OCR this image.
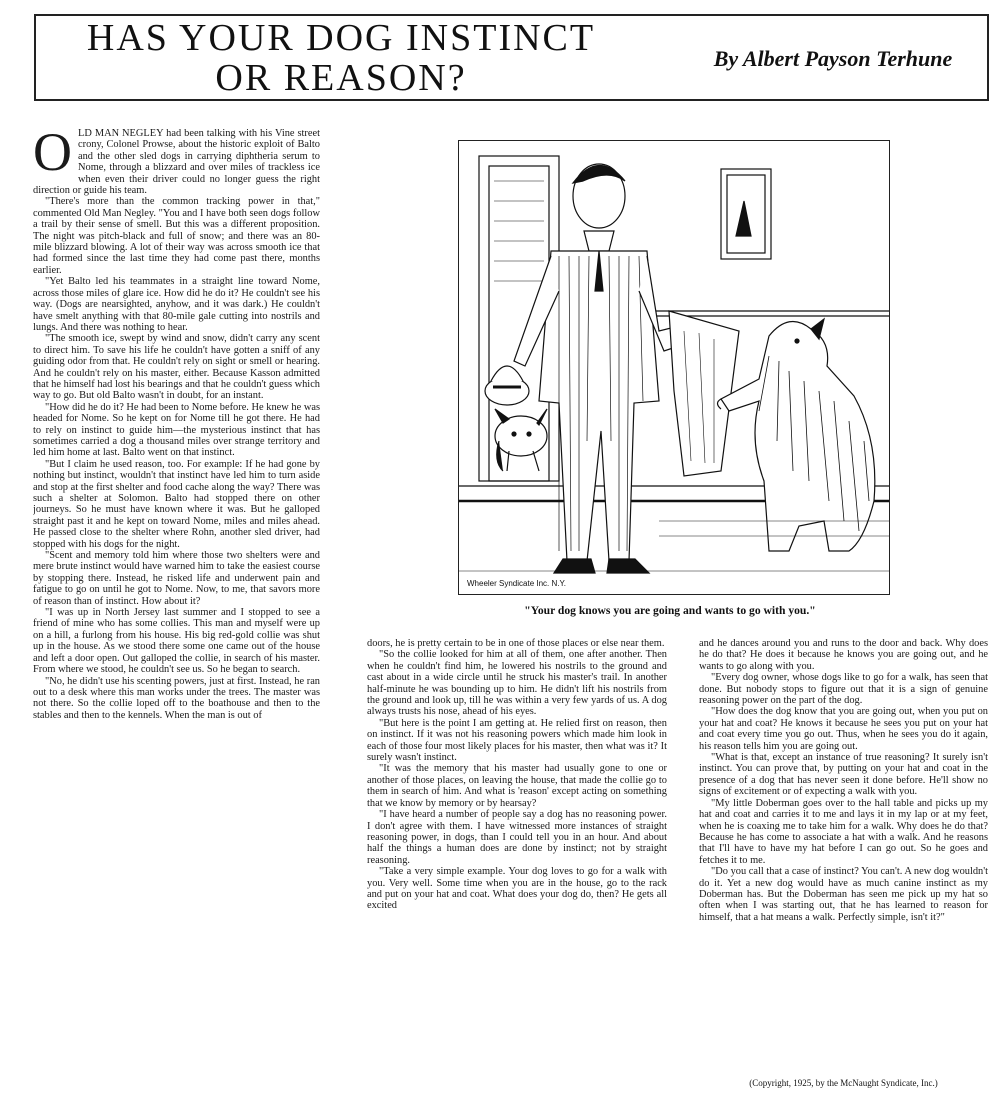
HAS YOUR DOG INSTINCT
OR REASON?	By Albert Payson Terhune

OLD MAN NEGLEY had been talking with his Vine street crony, Colonel Prowse, about the historic exploit of Balto and the other sled dogs in carrying diphtheria serum to Nome, through a blizzard and over miles of trackless ice when even their driver could no longer guess the right direction or guide his team.

"There's more than the common tracking power in that," commented Old Man Negley. "You and I have both seen dogs follow a trail by their sense of smell. But this was a different proposition. The night was pitch-black and full of snow; and there was an 80-mile blizzard blowing. A lot of their way was across smooth ice that had formed since the last time they had come past there, months earlier.

"Yet Balto led his teammates in a straight line toward Nome, across those miles of glare ice. How did he do it? He couldn't see his way. (Dogs are nearsighted, anyhow, and it was dark.) He couldn't have smelt anything with that 80-mile gale cutting into nostrils and lungs. And there was nothing to hear.

"The smooth ice, swept by wind and snow, didn't carry any scent to direct him. To save his life he couldn't have gotten a sniff of any guiding odor from that. He couldn't rely on sight or smell or hearing. And he couldn't rely on his master, either. Because Kasson admitted that he himself had lost his bearings and that he couldn't guess which way to go. But old Balto wasn't in doubt, for an instant.

"How did he do it? He had been to Nome before. He knew he was headed for Nome. So he kept on for Nome till he got there. He had to rely on instinct to guide him—the mysterious instinct that has sometimes carried a dog a thousand miles over strange territory and led him home at last. Balto went on that instinct.

"But I claim he used reason, too. For example: If he had gone by nothing but instinct, wouldn't that instinct have led him to turn aside and stop at the first shelter and food cache along the way? There was such a shelter at Solomon. Balto had stopped there on other journeys. So he must have known where it was. But he galloped straight past it and he kept on toward Nome, miles and miles ahead. He passed close to the shelter where Rohn, another sled driver, had stopped with his dogs for the night.

"Scent and memory told him where those two shelters were and mere brute instinct would have warned him to take the easiest course by stopping there. Instead, he risked life and underwent pain and fatigue to go on until he got to Nome. Now, to me, that savors more of reason than of instinct. How about it?

"I was up in North Jersey last summer and I stopped to see a friend of mine who has some collies. This man and myself were up on a hill, a furlong from his house. His big red-gold collie was shut up in the house. As we stood there some one came out of the house and left a door open. Out galloped the collie, in search of his master. From where we stood, he couldn't see us. So he began to search.

"No, he didn't use his scenting powers, just at first. Instead, he ran out to a desk where this man works under the trees. The master was not there. So the collie loped off to the boathouse and then to the stables and then to the kennels. When the man is out of

Wheeler Syndicate Inc. N.Y.
"Your dog knows you are going and wants to go with you."

doors, he is pretty certain to be in one of those places or else near them.

"So the collie looked for him at all of them, one after another. Then when he couldn't find him, he lowered his nostrils to the ground and cast about in a wide circle until he struck his master's trail. In another half-minute he was bounding up to him. He didn't lift his nostrils from the ground and look up, till he was within a very few yards of us. A dog always trusts his nose, ahead of his eyes.

"But here is the point I am getting at. He relied first on reason, then on instinct. If it was not his reasoning powers which made him look in each of those four most likely places for his master, then what was it? It surely wasn't instinct.

"It was the memory that his master had usually gone to one or another of those places, on leaving the house, that made the collie go to them in search of him. And what is 'reason' except acting on something that we know by memory or by hearsay?

"I have heard a number of people say a dog has no reasoning power. I don't agree with them. I have witnessed more instances of straight reasoning power, in dogs, than I could tell you in an hour. And about half the things a human does are done by instinct; not by straight reasoning.

"Take a very simple example. Your dog loves to go for a walk with you. Very well. Some time when you are in the house, go to the rack and put on your hat and coat. What does your dog do, then? He gets all excited

and he dances around you and runs to the door and back. Why does he do that? He does it because he knows you are going out, and he wants to go along with you.

"Every dog owner, whose dogs like to go for a walk, has seen that done. But nobody stops to figure out that it is a sign of genuine reasoning power on the part of the dog.

"How does the dog know that you are going out, when you put on your hat and coat? He knows it because he sees you put on your hat and coat every time you go out. Thus, when he sees you do it again, his reason tells him you are going out.

"What is that, except an instance of true reasoning? It surely isn't instinct. You can prove that, by putting on your hat and coat in the presence of a dog that has never seen it done before. He'll show no signs of excitement or of expecting a walk with you.

"My little Doberman goes over to the hall table and picks up my hat and coat and carries it to me and lays it in my lap or at my feet, when he is coaxing me to take him for a walk. Why does he do that? Because he has come to associate a hat with a walk. And he reasons that I'll have to have my hat before I can go out. So he goes and fetches it to me.

"Do you call that a case of instinct? You can't. A new dog wouldn't do it. Yet a new dog would have as much canine instinct as my Doberman has. But the Doberman has seen me pick up my hat so often when I was starting out, that he has learned to reason for himself, that a hat means a walk. Perfectly simple, isn't it?"

(Copyright, 1925, by the McNaught Syndicate, Inc.)
